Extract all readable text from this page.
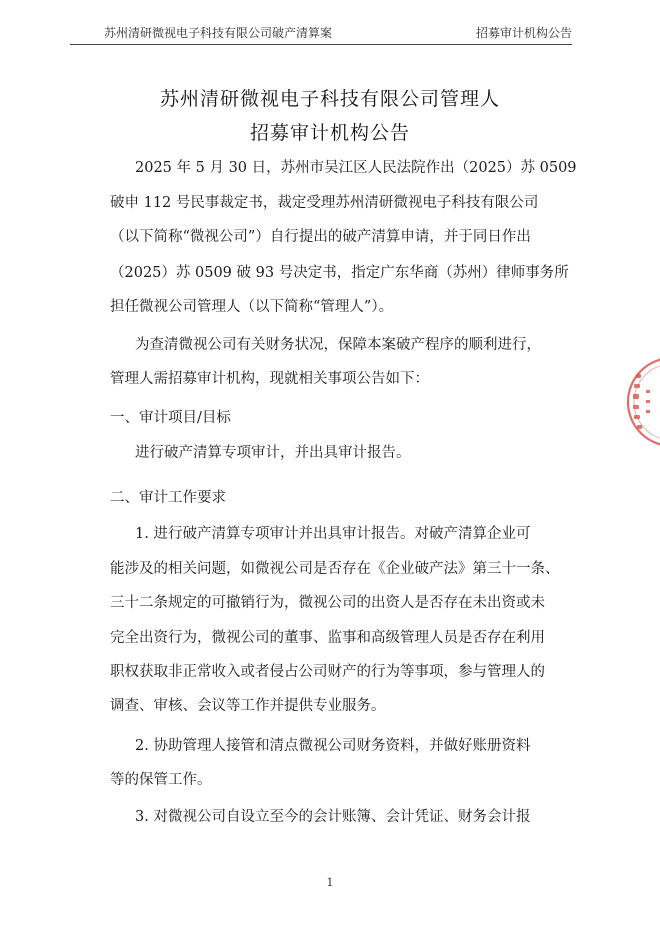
苏州清研微视电子科技有限公司破产清算案	招募审计机构公告
苏州清研微视电子科技有限公司管理人
招募审计机构公告
2025 年 5 月 30 日，苏州市吴江区人民法院作出（2025）苏 0509
破申 112 号民事裁定书，裁定受理苏州清研微视电子科技有限公司
（以下简称“微视公司”）自行提出的破产清算申请，并于同日作出
（2025）苏 0509 破 93 号决定书，指定广东华商（苏州）律师事务所
担任微视公司管理人（以下简称“管理人”）。
为查清微视公司有关财务状况，保障本案破产程序的顺利进行，
管理人需招募审计机构，现就相关事项公告如下：
一、审计项目/目标
进行破产清算专项审计，并出具审计报告。
二、审计工作要求
1. 进行破产清算专项审计并出具审计报告。对破产清算企业可
能涉及的相关问题，如微视公司是否存在《企业破产法》第三十一条、
三十二条规定的可撤销行为，微视公司的出资人是否存在未出资或未
完全出资行为，微视公司的董事、监事和高级管理人员是否存在利用
职权获取非正常收入或者侵占公司财产的行为等事项，参与管理人的
调查、审核、会议等工作并提供专业服务。
2. 协助管理人接管和清点微视公司财务资料，并做好账册资料
等的保管工作。
3. 对微视公司自设立至今的会计账簿、会计凭证、财务会计报
1
